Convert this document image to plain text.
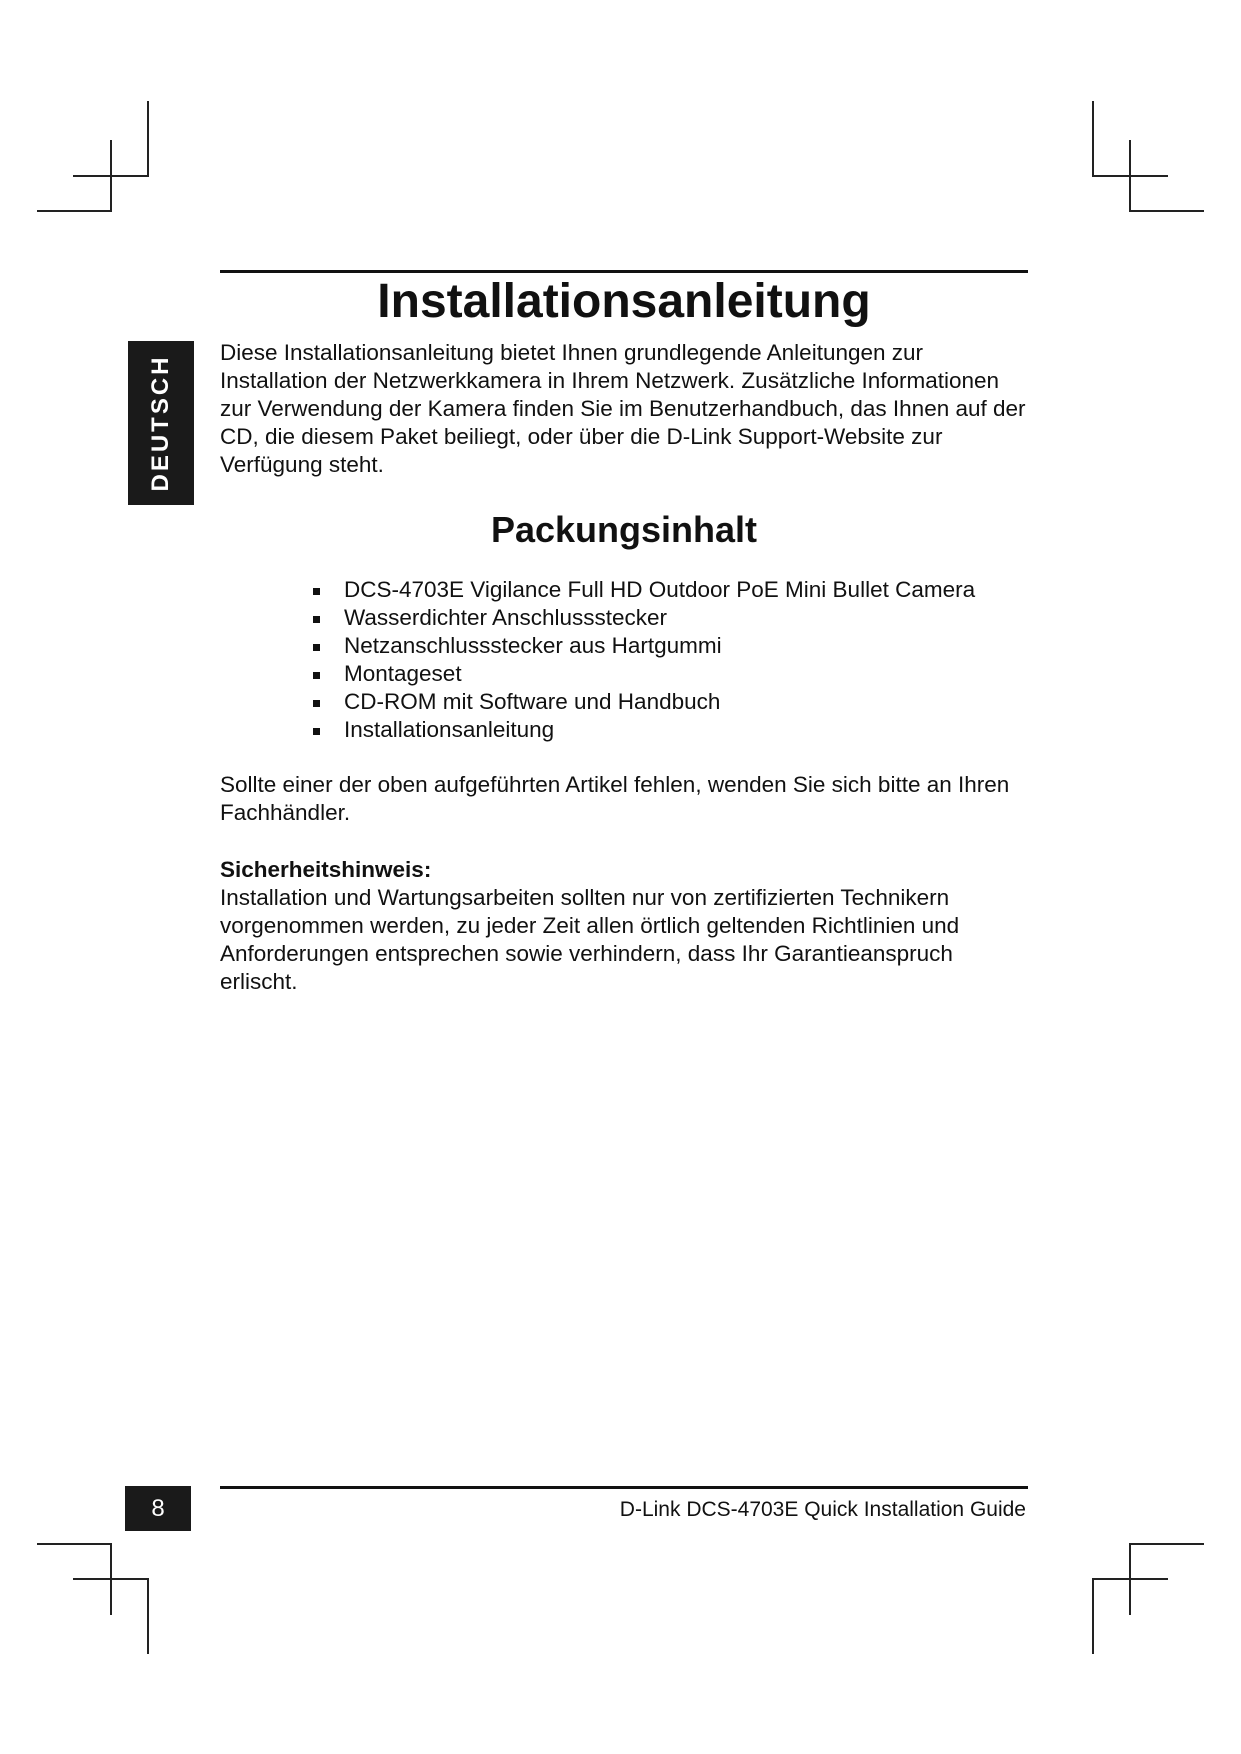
DEUTSCH
Installationsanleitung

Diese Installationsanleitung bietet Ihnen grundlegende Anleitungen zur Installation der Netzwerkkamera in Ihrem Netzwerk. Zusätzliche Informationen zur Verwendung der Kamera finden Sie im Benutzerhandbuch, das Ihnen auf der CD, die diesem Paket beiliegt, oder über die D-Link Support-Website zur Verfügung steht.

Packungsinhalt
DCS-4703E Vigilance Full HD Outdoor PoE Mini Bullet Camera
Wasserdichter Anschlussstecker
Netzanschlussstecker aus Hartgummi
Montageset
CD-ROM mit Software und Handbuch
Installationsanleitung

Sollte einer der oben aufgeführten Artikel fehlen, wenden Sie sich bitte an Ihren Fachhändler.

Sicherheitshinweis:

Installation und Wartungsarbeiten sollten nur von zertifizierten Technikern vorgenommen werden, zu jeder Zeit allen örtlich geltenden Richtlinien und Anforderungen entsprechen sowie verhindern, dass Ihr Garantieanspruch erlischt.

8	D-Link DCS-4703E Quick Installation Guide
